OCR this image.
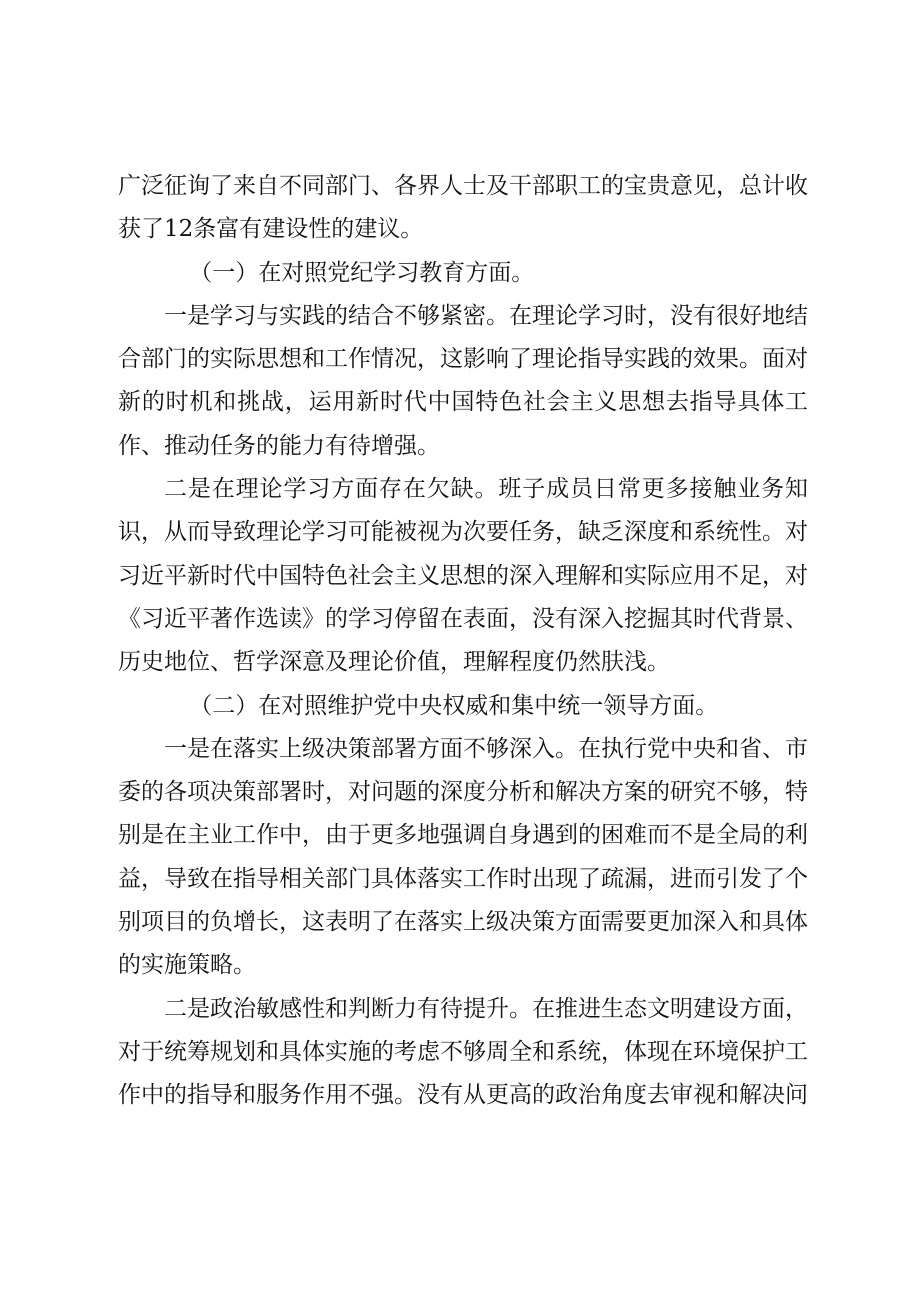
广泛征询了来自不同部门、各界人士及干部职工的宝贵意见，总计收获了12条富有建设性的建议。

（一）在对照党纪学习教育方面。

一是学习与实践的结合不够紧密。在理论学习时，没有很好地结合部门的实际思想和工作情况，这影响了理论指导实践的效果。面对新的时机和挑战，运用新时代中国特色社会主义思想去指导具体工作、推动任务的能力有待增强。

二是在理论学习方面存在欠缺。班子成员日常更多接触业务知识，从而导致理论学习可能被视为次要任务，缺乏深度和系统性。对习近平新时代中国特色社会主义思想的深入理解和实际应用不足，对《习近平著作选读》的学习停留在表面，没有深入挖掘其时代背景、历史地位、哲学深意及理论价值，理解程度仍然肤浅。

（二）在对照维护党中央权威和集中统一领导方面。

一是在落实上级决策部署方面不够深入。在执行党中央和省、市委的各项决策部署时，对问题的深度分析和解决方案的研究不够，特别是在主业工作中，由于更多地强调自身遇到的困难而不是全局的利益，导致在指导相关部门具体落实工作时出现了疏漏，进而引发了个别项目的负增长，这表明了在落实上级决策方面需要更加深入和具体的实施策略。

二是政治敏感性和判断力有待提升。在推进生态文明建设方面，对于统筹规划和具体实施的考虑不够周全和系统，体现在环境保护工作中的指导和服务作用不强。没有从更高的政治角度去审视和解决问
